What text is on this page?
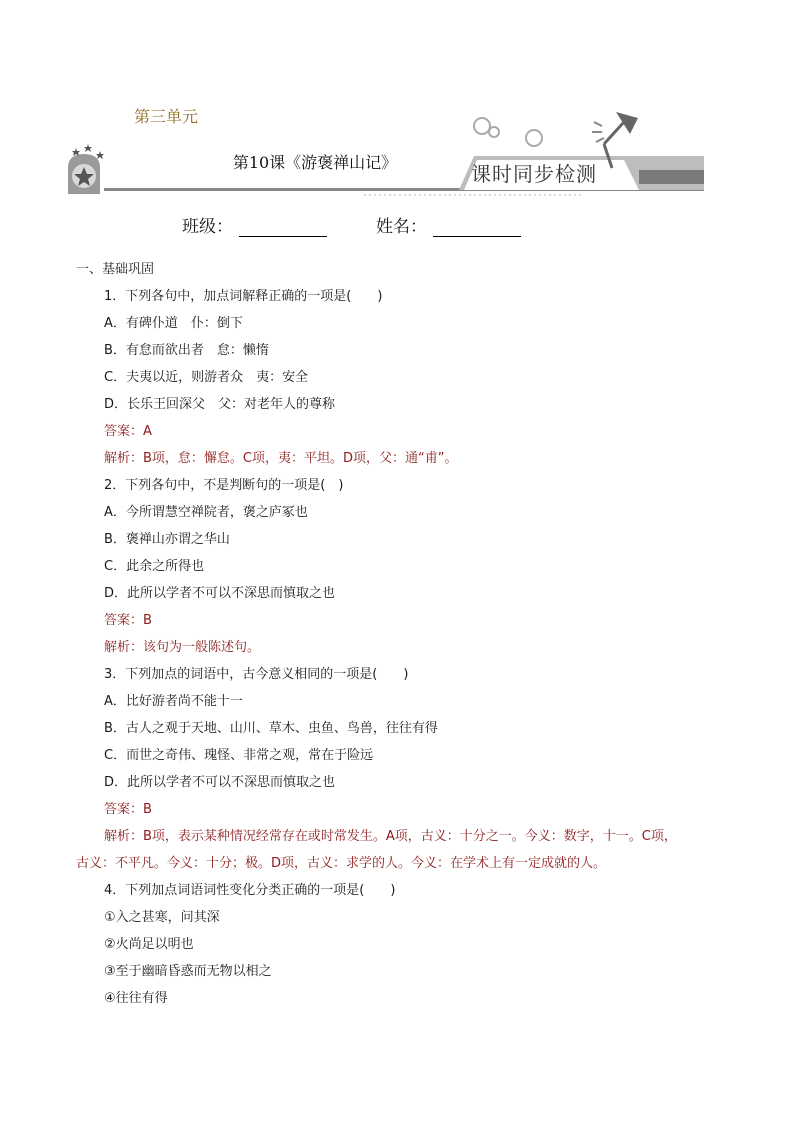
第三单元
第10课《游褒禅山记》	课时同步检测
班级：	姓名：
一、基础巩固
1．下列各句中，加点词解释正确的一项是(　　)
A．有碑仆道　仆：倒下
B．有怠而欲出者　怠：懒惰
C．夫夷以近，则游者众　夷：安全
D．长乐王回深父　父：对老年人的尊称
答案：A
解析：B项，怠：懈怠。C项，夷：平坦。D项，父：通“甫”。
2．下列各句中，不是判断句的一项是(　)
A．今所谓慧空禅院者，褒之庐冢也
B．褒禅山亦谓之华山
C．此余之所得也
D．此所以学者不可以不深思而慎取之也
答案：B
解析：该句为一般陈述句。
3．下列加点的词语中，古今意义相同的一项是(　　)
A．比好游者尚不能十一
B．古人之观于天地、山川、草木、虫鱼、鸟兽，往往有得
C．而世之奇伟、瑰怪、非常之观，常在于险远
D．此所以学者不可以不深思而慎取之也
答案：B
解析：B项，表示某种情况经常存在或时常发生。A项，古义：十分之一。今义：数字，十一。C项，
古义：不平凡。今义：十分；极。D项，古义：求学的人。今义：在学术上有一定成就的人。
4．下列加点词语词性变化分类正确的一项是(　　)
①入之甚寒，问其深
②火尚足以明也
③至于幽暗昏惑而无物以相之
④往往有得
